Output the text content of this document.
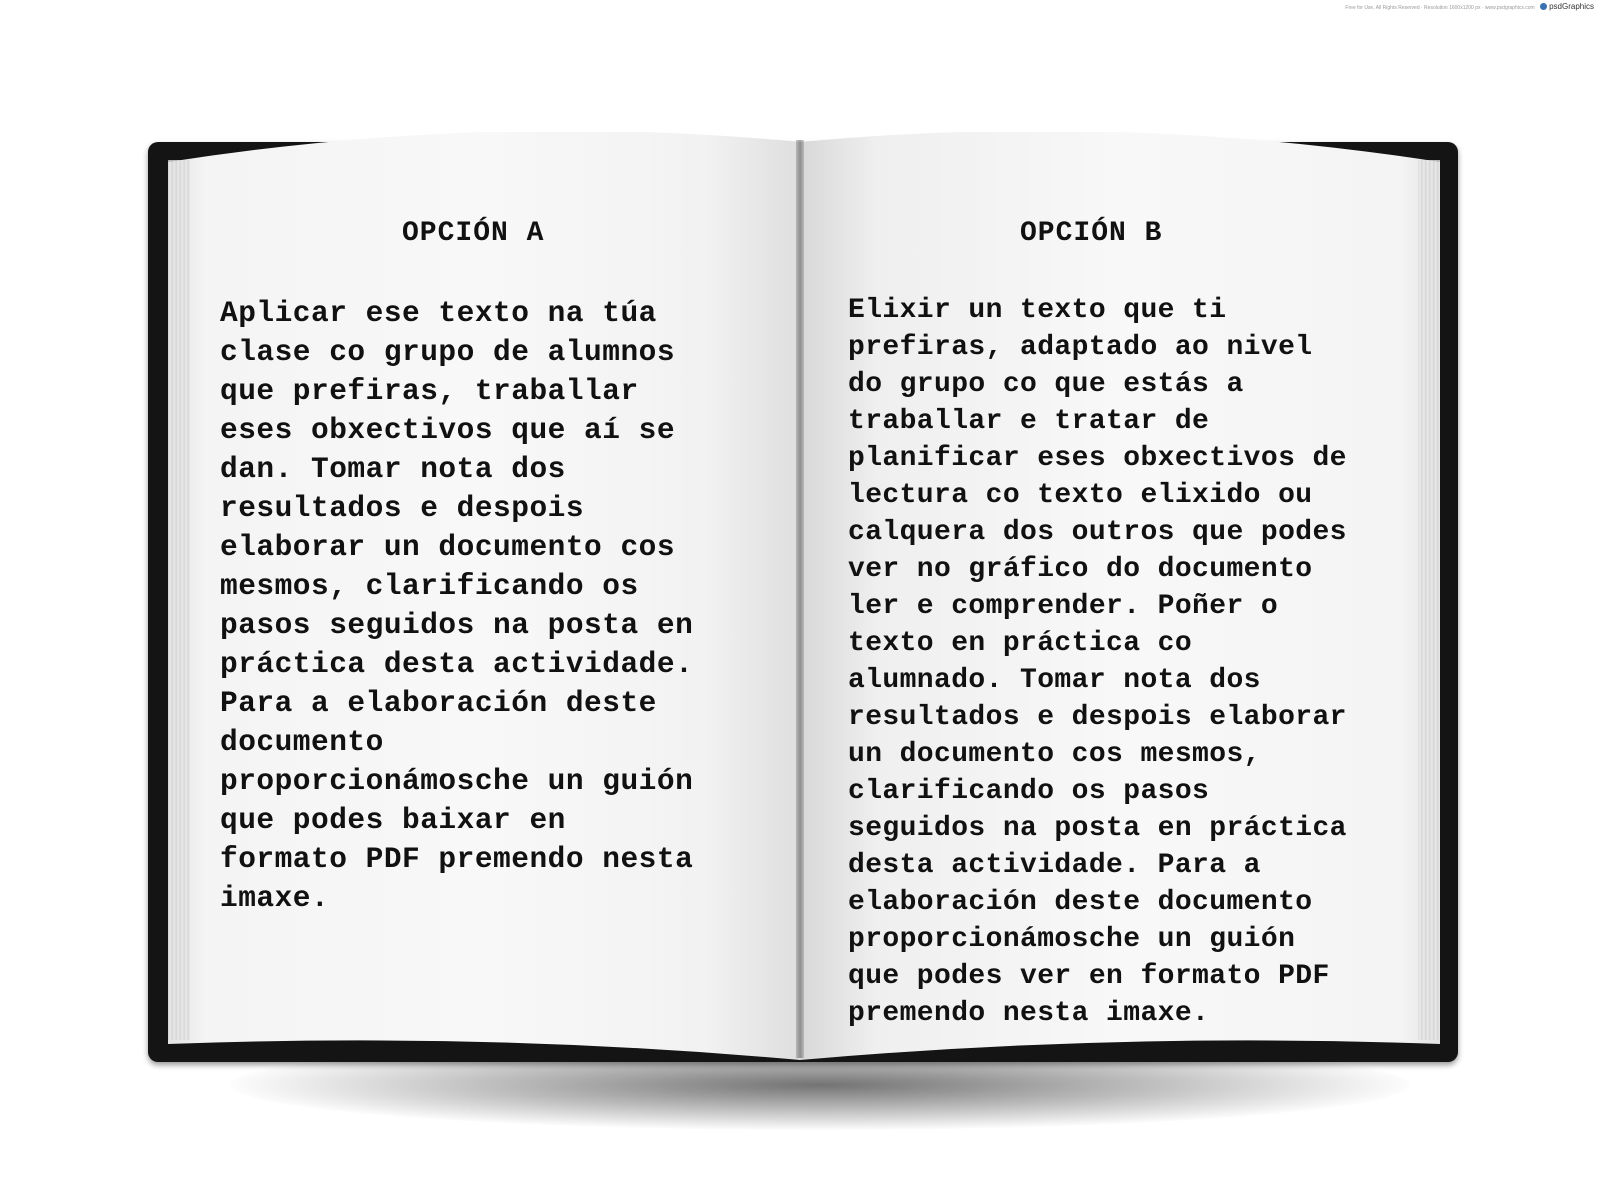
Free for Use, All Rights Reserved · Resolution 1600x1200 px · www.psdgraphics.com psdGraphics
OPCIÓN A
Aplicar ese texto na túa
clase co grupo de alumnos
que prefiras, traballar
eses obxectivos que aí se
dan. Tomar nota dos
resultados e despois
elaborar un documento cos
mesmos, clarificando os
pasos seguidos na posta en
práctica desta actividade.
Para a elaboración deste
documento
proporcionámosche un guión
que podes baixar en
formato PDF premendo nesta
imaxe.
OPCIÓN B
Elixir un texto que ti
prefiras, adaptado ao nivel
do grupo co que estás a
traballar e tratar de
planificar eses obxectivos de
lectura co texto elixido ou
calquera dos outros que podes
ver no gráfico do documento
ler e comprender. Poñer o
texto en práctica co
alumnado. Tomar nota dos
resultados e despois elaborar
un documento cos mesmos,
clarificando os pasos
seguidos na posta en práctica
desta actividade. Para a
elaboración deste documento
proporcionámosche un guión
que podes ver en formato PDF
premendo nesta imaxe.
